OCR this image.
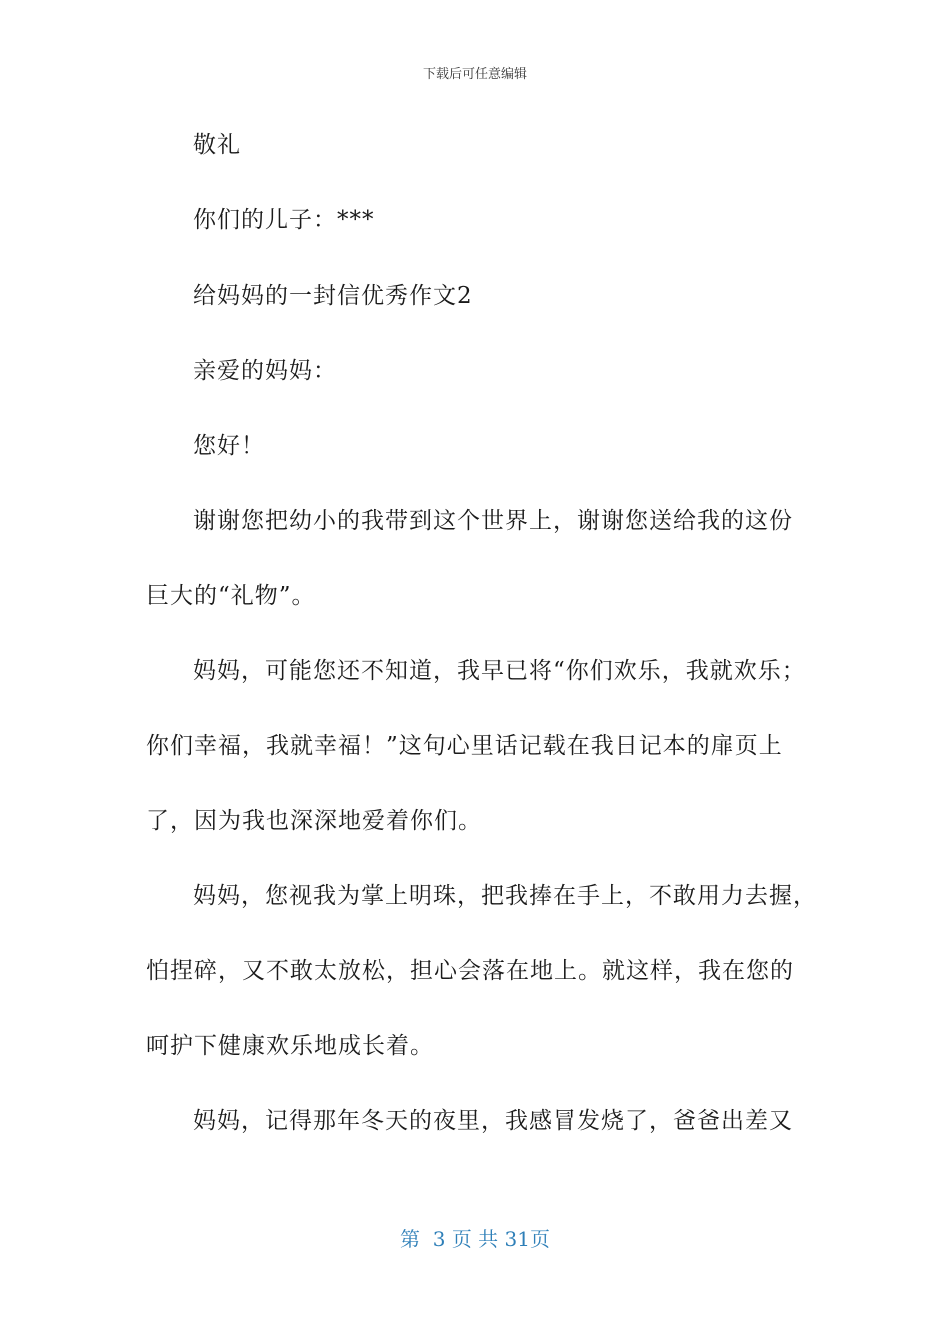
下载后可任意编辑
敬礼
你们的儿子：***
给妈妈的一封信优秀作文2
亲爱的妈妈：
您好！
谢谢您把幼小的我带到这个世界上，谢谢您送给我的这份
巨大的“礼物”。
妈妈，可能您还不知道，我早已将“你们欢乐，我就欢乐；
你们幸福，我就幸福！”这句心里话记载在我日记本的扉页上
了，因为我也深深地爱着你们。
妈妈，您视我为掌上明珠，把我捧在手上，不敢用力去握，
怕捏碎，又不敢太放松，担心会落在地上。就这样，我在您的
呵护下健康欢乐地成长着。
妈妈，记得那年冬天的夜里，我感冒发烧了，爸爸出差又
第 3 页 共 31页
